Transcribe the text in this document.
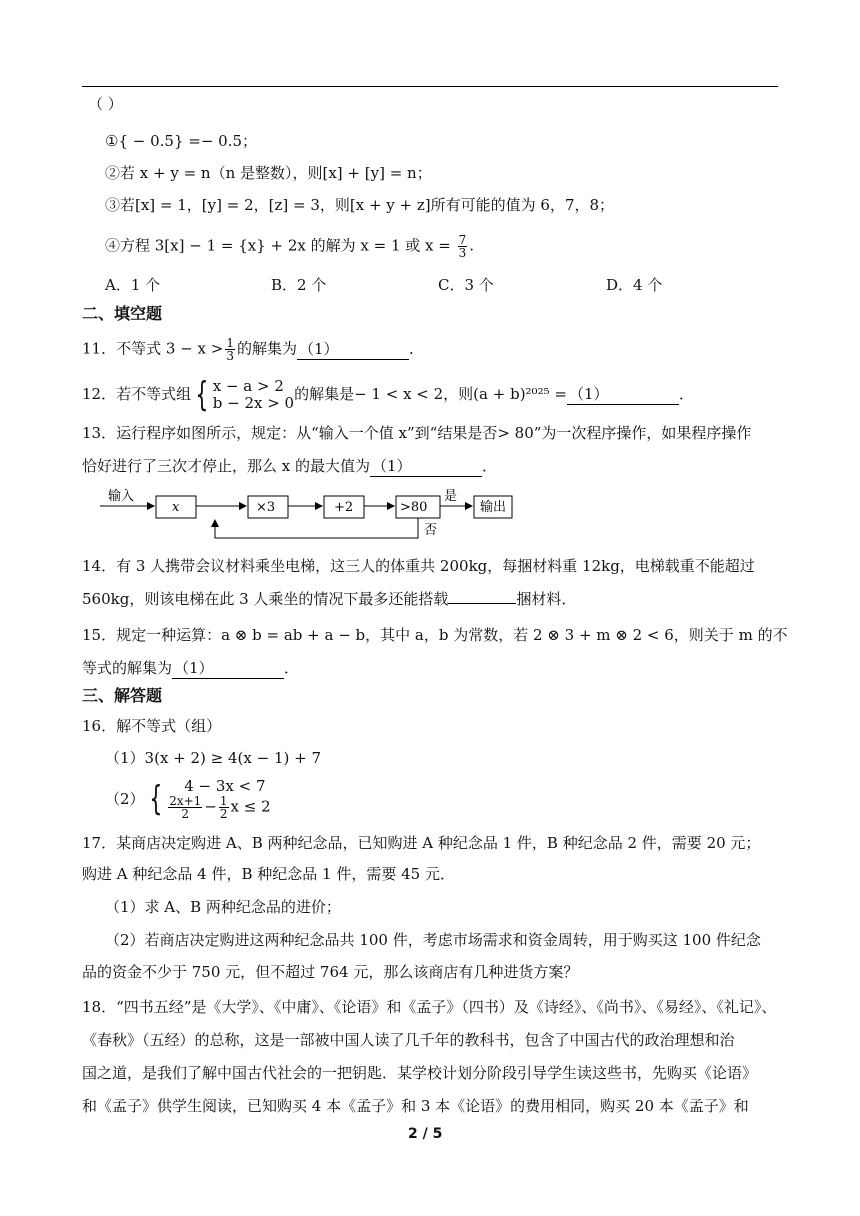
（ ）
①{ − 0.5} =− 0.5；
②若 x + y = n（n 是整数），则[x] + [y] = n；
③若[x] = 1，[y] = 2，[z] = 3，则[x + y + z]所有可能的值为 6，7，8；
④方程 3[x] − 1 = {x} + 2x 的解为 x = 1 或 $x = \frac{7}{3}$ .
A．1 个	B．2 个	C．3 个	D．4 个
二、填空题
11．不等式 $3 - x > \frac{1}{3}$ 的解集为 （1）	．
12．若不等式组 { x − a > 2
b − 2x > 0 的解集是− 1 < x < 2，则(a + b)²⁰²⁵ = （1）	．
13．运行程序如图所示，规定：从“输入一个值 x”到“结果是否> 80”为一次程序操作，如果程序操作
恰好进行了三次才停止，那么 x 的最大值为 （1）	．
输入
x	×3	+2	>80
是
输出
否
14．有 3 人携带会议材料乘坐电梯，这三人的体重共 200kg，每捆材料重 12kg，电梯载重不能超过
560kg，则该电梯在此 3 人乘坐的情况下最多还能搭载	捆材料．
15．规定一种运算：a ⊗ b = ab + a − b，其中 a，b 为常数，若 2 ⊗ 3 + m ⊗ 2 < 6，则关于 m 的不
等式的解集为 （1）	．
三、解答题
16．解不等式（组）
（1）3(x + 2) ≥ 4(x − 1) + 7
（2） {	4 − 3x < 7
$\frac{2x+1}{2} - \frac{1}{2}$ x ≤ 2
17．某商店决定购进 A、B 两种纪念品，已知购进 A 种纪念品 1 件，B 种纪念品 2 件，需要 20 元；
购进 A 种纪念品 4 件，B 种纪念品 1 件，需要 45 元．
（1）求 A、B 两种纪念品的进价；
（2）若商店决定购进这两种纪念品共 100 件，考虑市场需求和资金周转，用于购买这 100 件纪念
品的资金不少于 750 元，但不超过 764 元，那么该商店有几种进货方案？
18．“四书五经”是《大学》、《中庸》、《论语》和《孟子》（四书）及《诗经》、《尚书》、《易经》、《礼记》、
《春秋》（五经）的总称，这是一部被中国人读了几千年的教科书，包含了中国古代的政治理想和治
国之道，是我们了解中国古代社会的一把钥匙．某学校计划分阶段引导学生读这些书，先购买《论语》
和《孟子》供学生阅读，已知购买 4 本《孟子》和 3 本《论语》的费用相同，购买 20 本《孟子》和
2 / 5
